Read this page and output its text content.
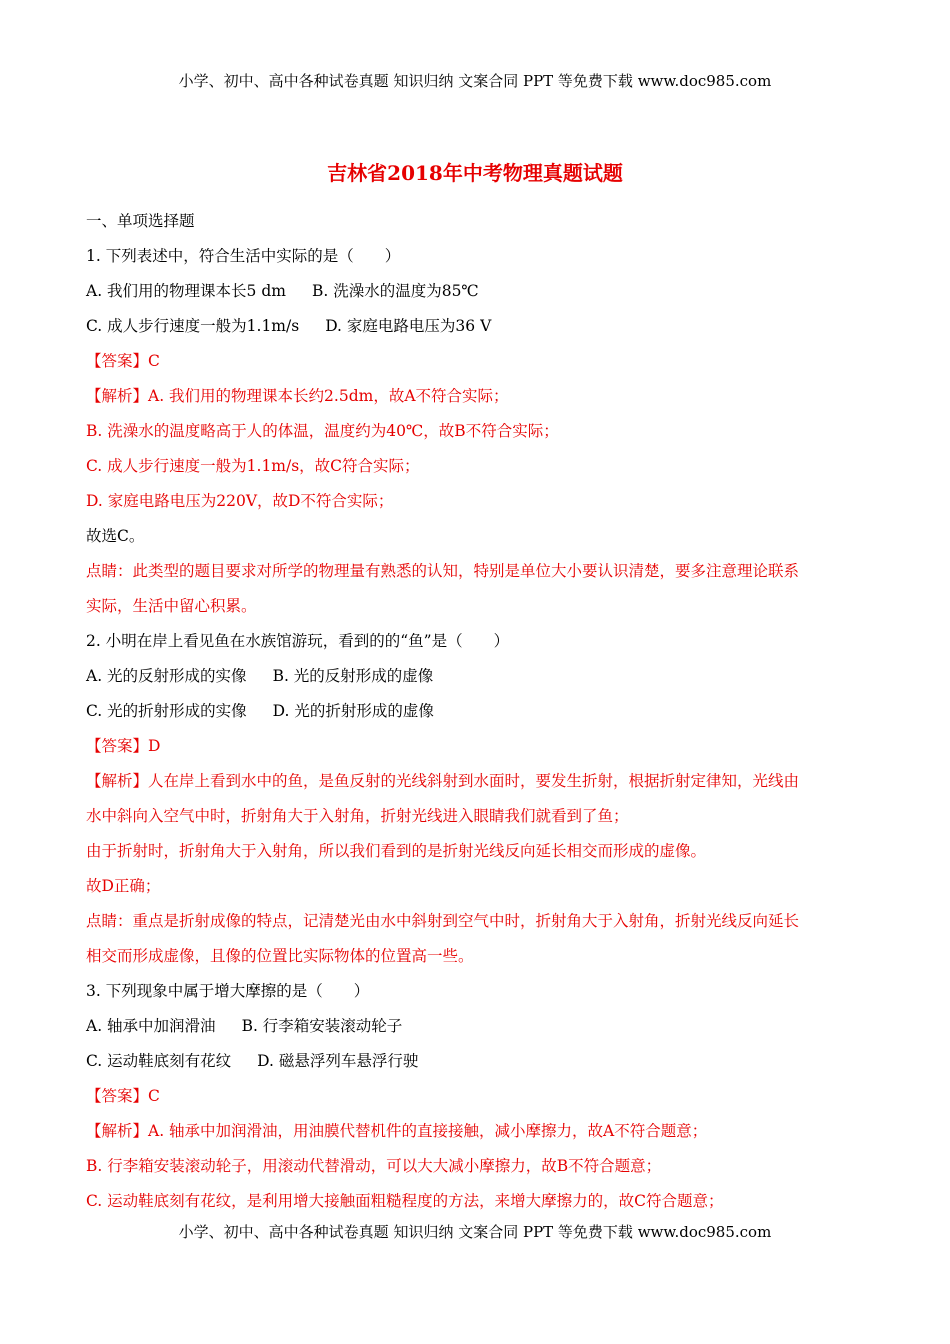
小学、初中、高中各种试卷真题 知识归纳 文案合同 PPT 等免费下载 www.doc985.com
吉林省2018年中考物理真题试题
一、单项选择题
1. 下列表述中，符合生活中实际的是（　　）
A. 我们用的物理课本长5 dm B. 洗澡水的温度为85℃
C. 成人步行速度一般为1.1m/s D. 家庭电路电压为36 V
【答案】C
【解析】A. 我们用的物理课本长约2.5dm，故A不符合实际；
B. 洗澡水的温度略高于人的体温，温度约为40℃，故B不符合实际；
C. 成人步行速度一般为1.1m/s，故C符合实际；
D. 家庭电路电压为220V，故D不符合实际；
故选C。
点睛：此类型的题目要求对所学的物理量有熟悉的认知，特别是单位大小要认识清楚，要多注意理论联系
实际，生活中留心积累。
2. 小明在岸上看见鱼在水族馆游玩，看到的的“鱼”是（　　）
A. 光的反射形成的实像 B. 光的反射形成的虚像
C. 光的折射形成的实像 D. 光的折射形成的虚像
【答案】D
【解析】人在岸上看到水中的鱼，是鱼反射的光线斜射到水面时，要发生折射，根据折射定律知，光线由
水中斜向入空气中时，折射角大于入射角，折射光线进入眼睛我们就看到了鱼；
由于折射时，折射角大于入射角，所以我们看到的是折射光线反向延长相交而形成的虚像。
故D正确；
点睛：重点是折射成像的特点，记清楚光由水中斜射到空气中时，折射角大于入射角，折射光线反向延长
相交而形成虚像，且像的位置比实际物体的位置高一些。
3. 下列现象中属于增大摩擦的是（　　）
A. 轴承中加润滑油 B. 行李箱安装滚动轮子
C. 运动鞋底刻有花纹 D. 磁悬浮列车悬浮行驶
【答案】C
【解析】A. 轴承中加润滑油，用油膜代替机件的直接接触，减小摩擦力，故A不符合题意；
B. 行李箱安装滚动轮子，用滚动代替滑动，可以大大减小摩擦力，故B不符合题意；
C. 运动鞋底刻有花纹，是利用增大接触面粗糙程度的方法，来增大摩擦力的，故C符合题意；
小学、初中、高中各种试卷真题 知识归纳 文案合同 PPT 等免费下载 www.doc985.com
